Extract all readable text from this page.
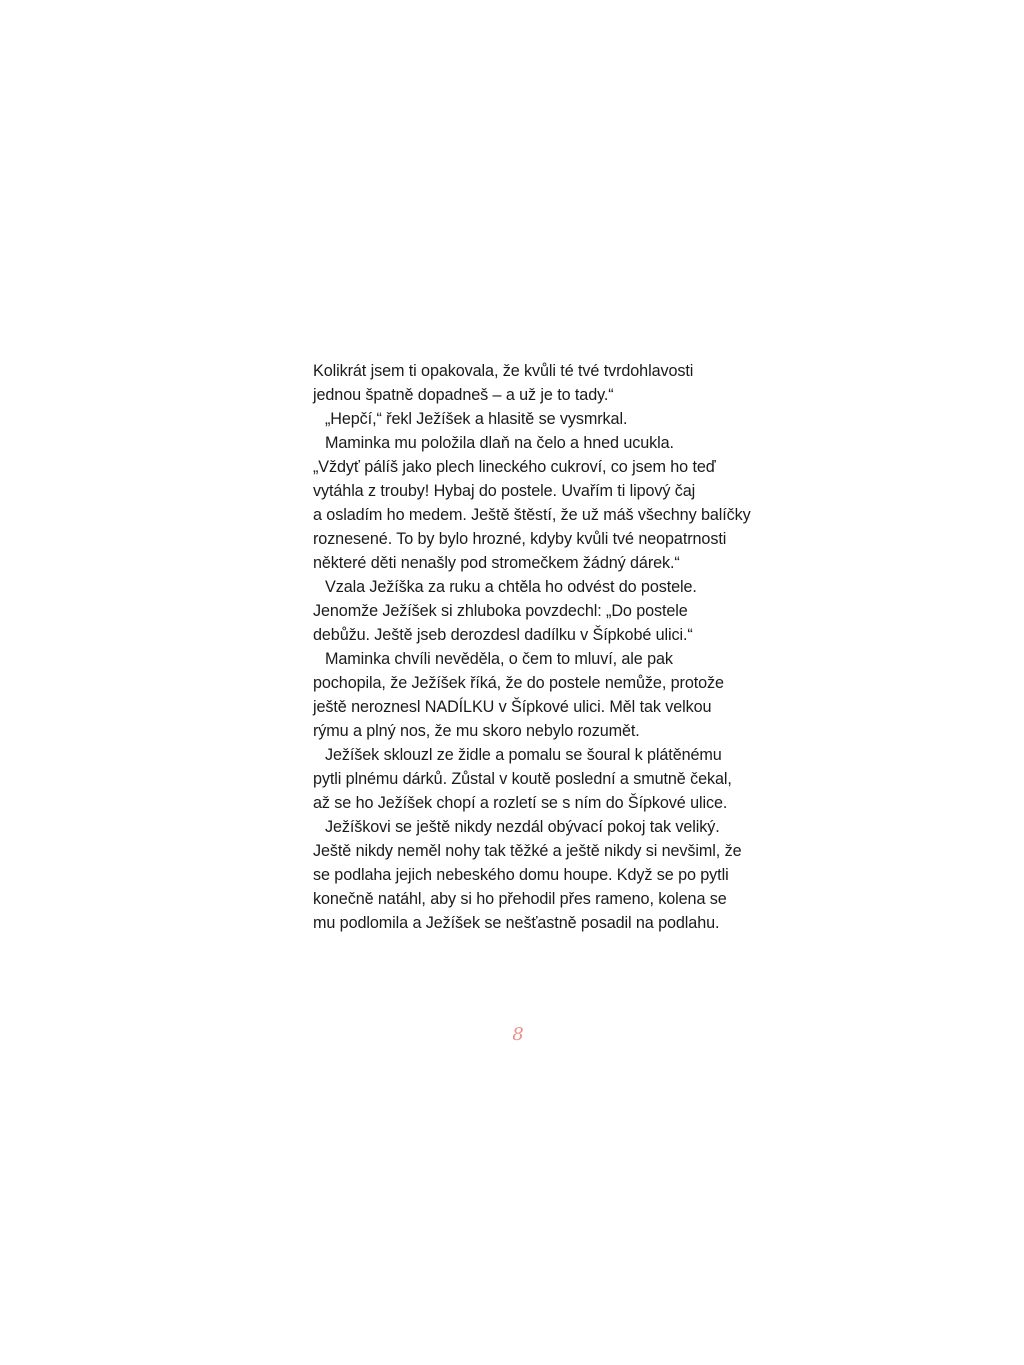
Kolikrát jsem ti opakovala, že kvůli té tvé tvrdohlavosti
jednou špatně dopadneš – a už je to tady.“
„Hepčí,“ řekl Ježíšek a hlasitě se vysmrkal.
Maminka mu položila dlaň na čelo a hned ucukla.
„Vždyť pálíš jako plech lineckého cukroví, co jsem ho teď
vytáhla z trouby! Hybaj do postele. Uvařím ti lipový čaj
a osladím ho medem. Ještě štěstí, že už máš všechny balíčky
roznesené. To by bylo hrozné, kdyby kvůli tvé neopatrnosti
některé děti nenašly pod stromečkem žádný dárek.“
Vzala Ježíška za ruku a chtěla ho odvést do postele.
Jenomže Ježíšek si zhluboka povzdechl: „Do postele
debůžu. Ještě jseb derozdesl dadílku v Šípkobé ulici.“
Maminka chvíli nevěděla, o čem to mluví, ale pak
pochopila, že Ježíšek říká, že do postele nemůže, protože
ještě neroznesl NADÍLKU v Šípkové ulici. Měl tak velkou
rýmu a plný nos, že mu skoro nebylo rozumět.
Ježíšek sklouzl ze židle a pomalu se šoural k plátěnému
pytli plnému dárků. Zůstal v koutě poslední a smutně čekal,
až se ho Ježíšek chopí a rozletí se s ním do Šípkové ulice.
Ježíškovi se ještě nikdy nezdál obývací pokoj tak veliký.
Ještě nikdy neměl nohy tak těžké a ještě nikdy si nevšiml, že
se podlaha jejich nebeského domu houpe. Když se po pytli
konečně natáhl, aby si ho přehodil přes rameno, kolena se
mu podlomila a Ježíšek se nešťastně posadil na podlahu.
8
